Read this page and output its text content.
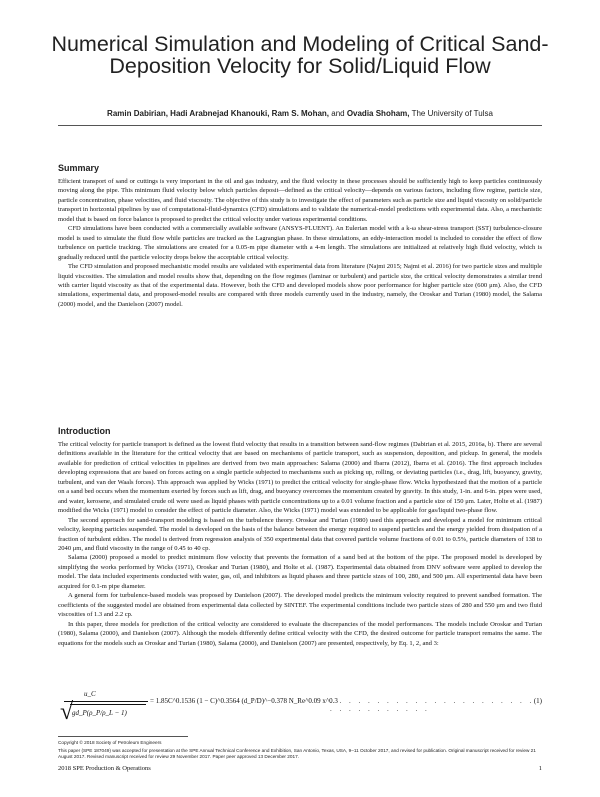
Numerical Simulation and Modeling of Critical Sand-Deposition Velocity for Solid/Liquid Flow
Ramin Dabirian, Hadi Arabnejad Khanouki, Ram S. Mohan, and Ovadia Shoham, The University of Tulsa
Summary

Efficient transport of sand or cuttings is very important in the oil and gas industry, and the fluid velocity in these processes should be sufficiently high to keep particles continuously moving along the pipe. This minimum fluid velocity below which particles deposit—defined as the critical velocity—depends on various factors, including flow regime, particle size, particle concentration, phase velocities, and fluid viscosity. The objective of this study is to investigate the effect of parameters such as particle size and liquid viscosity on solid/particle transport in horizontal pipelines by use of computational-fluid-dynamics (CFD) simulations and to validate the numerical-model predictions with experimental data. Also, a mechanistic model that is based on force balance is proposed to predict the critical velocity under various experimental conditions.

CFD simulations have been conducted with a commercially available software (ANSYS-FLUENT). An Eulerian model with a k-ω shear-stress transport (SST) turbulence-closure model is used to simulate the fluid flow while particles are tracked as the Lagrangian phase. In these simulations, an eddy-interaction model is included to consider the effect of flow turbulence on particle tracking. The simulations are created for a 0.05-m pipe diameter with a 4-m length. The simulations are initialized at relatively high fluid velocity, which is gradually reduced until the particle velocity drops below the acceptable critical velocity.

The CFD simulation and proposed mechanistic model results are validated with experimental data from literature (Najmi 2015; Najmi et al. 2016) for two particle sizes and multiple liquid viscosities. The simulation and model results show that, depending on the flow regimes (laminar or turbulent) and particle size, the critical velocity demonstrates a similar trend with carrier liquid viscosity as that of the experimental data. However, both the CFD and developed models show poor performance for higher particle size (600 μm). Also, the CFD simulations, experimental data, and proposed-model results are compared with three models currently used in the industry, namely, the Oroskar and Turian (1980) model, the Salama (2000) model, and the Danielson (2007) model.

Introduction

The critical velocity for particle transport is defined as the lowest fluid velocity that results in a transition between sand-flow regimes (Dabirian et al. 2015, 2016a, b). There are several definitions available in the literature for the critical velocity that are based on mechanisms of particle transport, such as suspension, deposition, and pickup. In general, the models available for prediction of critical velocities in pipelines are derived from two main approaches: Salama (2000) and Ibarra (2012), Ibarra et al. (2016). The first approach includes developing expressions that are based on forces acting on a single particle subjected to mechanisms such as picking up, rolling, or deviating particles (i.e., drag, lift, buoyancy, gravity, turbulent, and van der Waals forces). This approach was applied by Wicks (1971) to predict the critical velocity for single-phase flow. Wicks hypothesized that the motion of a particle on a sand bed occurs when the momentum exerted by forces such as lift, drag, and buoyancy overcomes the momentum created by gravity. In this study, 1-in. and 6-in. pipes were used, and water, kerosene, and simulated crude oil were used as liquid phases with particle concentrations up to a 0.01 volume fraction and a particle size of 150 μm. Later, Holte et al. (1987) modified the Wicks (1971) model to consider the effect of particle diameter. Also, the Wicks (1971) model was extended to be applicable for gas/liquid two-phase flow.

The second approach for sand-transport modeling is based on the turbulence theory. Oroskar and Turian (1980) used this approach and developed a model for minimum critical velocity, keeping particles suspended. The model is developed on the basis of the balance between the energy required to suspend particles and the energy yielded from dissipation of a fraction of turbulent eddies. The model is derived from regression analysis of 350 experimental data that covered particle volume fractions of 0.01 to 0.5%, particle diameters of 138 to 2040 μm, and fluid viscosity in the range of 0.45 to 40 cp.

Salama (2000) proposed a model to predict minimum flow velocity that prevents the formation of a sand bed at the bottom of the pipe. The proposed model is developed by simplifying the works performed by Wicks (1971), Oroskar and Turian (1980), and Holte et al. (1987). Experimental data obtained from DNV software were applied to develop the model. The data included experiments conducted with water, gas, oil, and inhibitors as liquid phases and three particle sizes of 100, 280, and 500 μm. All experimental data have been acquired for 0.1-m pipe diameter.

A general form for turbulence-based models was proposed by Danielson (2007). The developed model predicts the minimum velocity required to prevent sandbed formation. The coefficients of the suggested model are obtained from experimental data collected by SINTEF. The experimental conditions include two particle sizes of 280 and 550 μm and two fluid viscosities of 1.3 and 2.2 cp.

In this paper, three models for prediction of the critical velocity are considered to evaluate the discrepancies of the model performances. The models include Oroskar and Turian (1980), Salama (2000), and Danielson (2007). Although the models differently define critical velocity with the CFD, the desired outcome for particle transport remains the same. The equations for the models such as Oroskar and Turian (1980), Salama (2000), and Danielson (2007) are presented, respectively, by Eq. 1, 2, and 3:

u_C
√
gd_P(ρ_P/ρ_L − 1)
= 1.85C^0.1536 (1 − C)^0.3564 (d_P/D)^−0.378 N_Re^0.09 x^0.3
. . . . . . . . . . . . . . . . . . . . . . . . . . . . . . . . .
(1)
Copyright © 2018 Society of Petroleum Engineers
This paper (SPE 187049) was accepted for presentation at the SPE Annual Technical Conference and Exhibition, San Antonio, Texas, USA, 9–11 October 2017, and revised for publication. Original manuscript received for review 21 August 2017. Revised manuscript received for review 29 November 2017. Paper peer approved 13 December 2017.
2018 SPE Production & Operations	1
